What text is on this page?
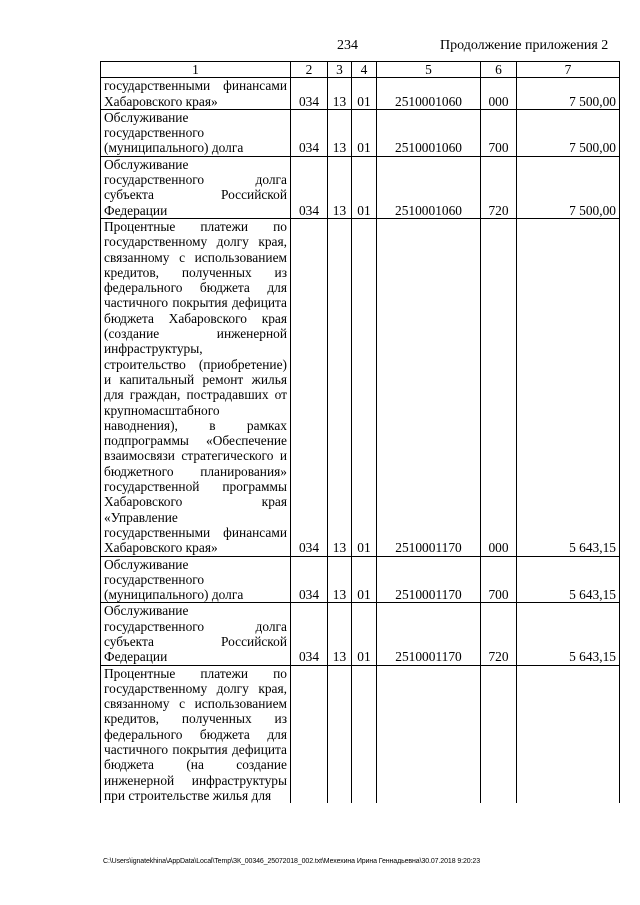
234	Продолжение приложения 2
1	2	3	4	5	6	7
государственными финансами Хабаровского края»	034	13	01	2510001060	000	7 500,00
Обслуживание государственного (муниципального) долга	034	13	01	2510001060	700	7 500,00
Обслуживание государственного долга субъекта Российской Федерации	034	13	01	2510001060	720	7 500,00
Процентные платежи по государственному долгу края, связанному с использованием кредитов, полученных из федерального бюджета для частичного покрытия дефицита бюджета Хабаровского края (создание инженерной инфраструктуры, строительство (приобретение) и капитальный ремонт жилья для граждан, пострадавших от крупномасштабного наводнения), в рамках подпрограммы «Обеспечение взаимосвязи стратегического и бюджетного планирования» государственной программы Хабаровского края «Управление государственными финансами Хабаровского края»	034	13	01	2510001170	000	5 643,15
Обслуживание государственного (муниципального) долга	034	13	01	2510001170	700	5 643,15
Обслуживание государственного долга субъекта Российской Федерации	034	13	01	2510001170	720	5 643,15
Процентные платежи по государственному долгу края, связанному с использованием кредитов, полученных из федерального бюджета для частичного покрытия дефицита бюджета (на создание инженерной инфраструктуры при строительстве жилья для						
C:\Users\ignatekhina\AppData\Local\Temp\ЗК_00346_25072018_002.txt\Мехехина Ирина Геннадьевна\30.07.2018 9:20:23
